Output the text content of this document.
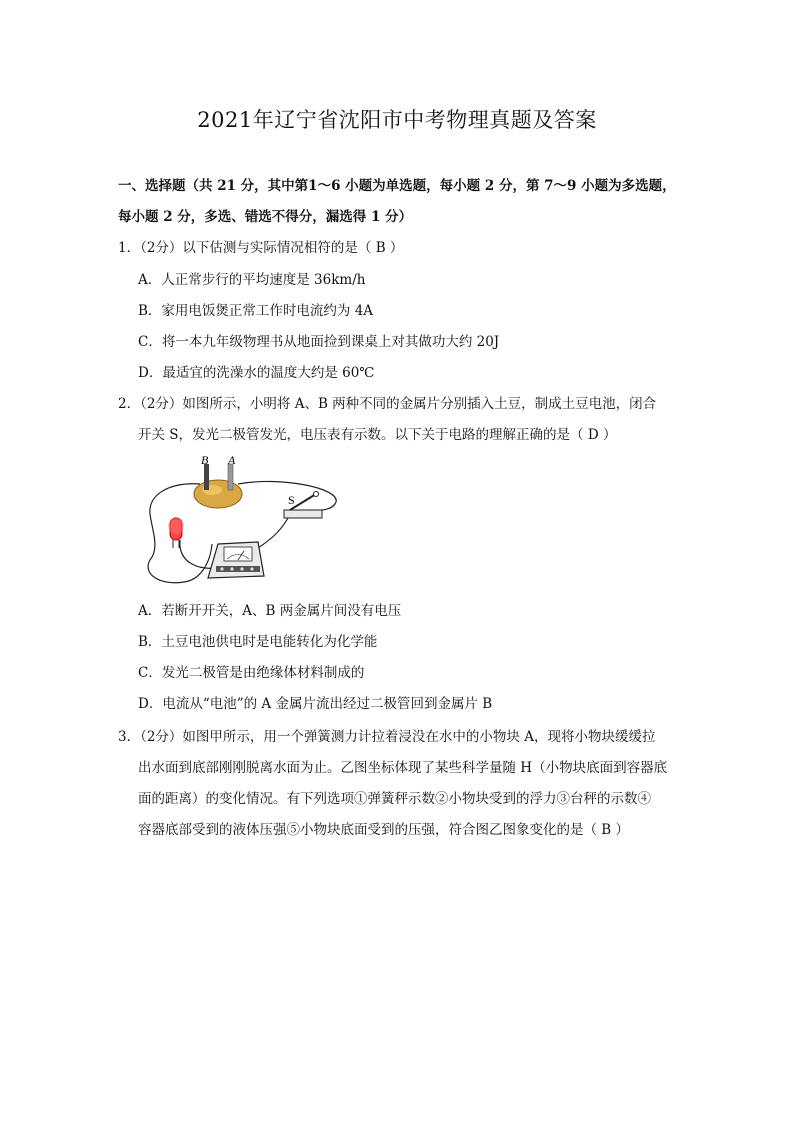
2021年辽宁省沈阳市中考物理真题及答案
一、选择题（共 21 分，其中第1～6 小题为单选题，每小题 2 分，第 7～9 小题为多选题，
每小题 2 分，多选、错选不得分，漏选得 1 分）
1．（2分）以下估测与实际情况相符的是（ B ）
A．人正常步行的平均速度是 36km/h
B．家用电饭煲正常工作时电流约为 4A
C．将一本九年级物理书从地面捡到课桌上对其做功大约 20J
D．最适宜的洗澡水的温度大约是 60℃
2．（2分）如图所示，小明将 A、B 两种不同的金属片分别插入土豆，制成土豆电池，闭合
开关 S，发光二极管发光，电压表有示数。以下关于电路的理解正确的是（ D ）
B A
S
A．若断开开关，A、B 两金属片间没有电压
B．土豆电池供电时是电能转化为化学能
C．发光二极管是由绝缘体材料制成的
D．电流从“电池”的 A 金属片流出经过二极管回到金属片 B
3．（2分）如图甲所示，用一个弹簧测力计拉着浸没在水中的小物块 A，现将小物块缓缓拉
出水面到底部刚刚脱离水面为止。乙图坐标体现了某些科学量随 H（小物块底面到容器底
面的距离）的变化情况。有下列选项①弹簧秤示数②小物块受到的浮力③台秤的示数④
容器底部受到的液体压强⑤小物块底面受到的压强，符合图乙图象变化的是（ B ）
